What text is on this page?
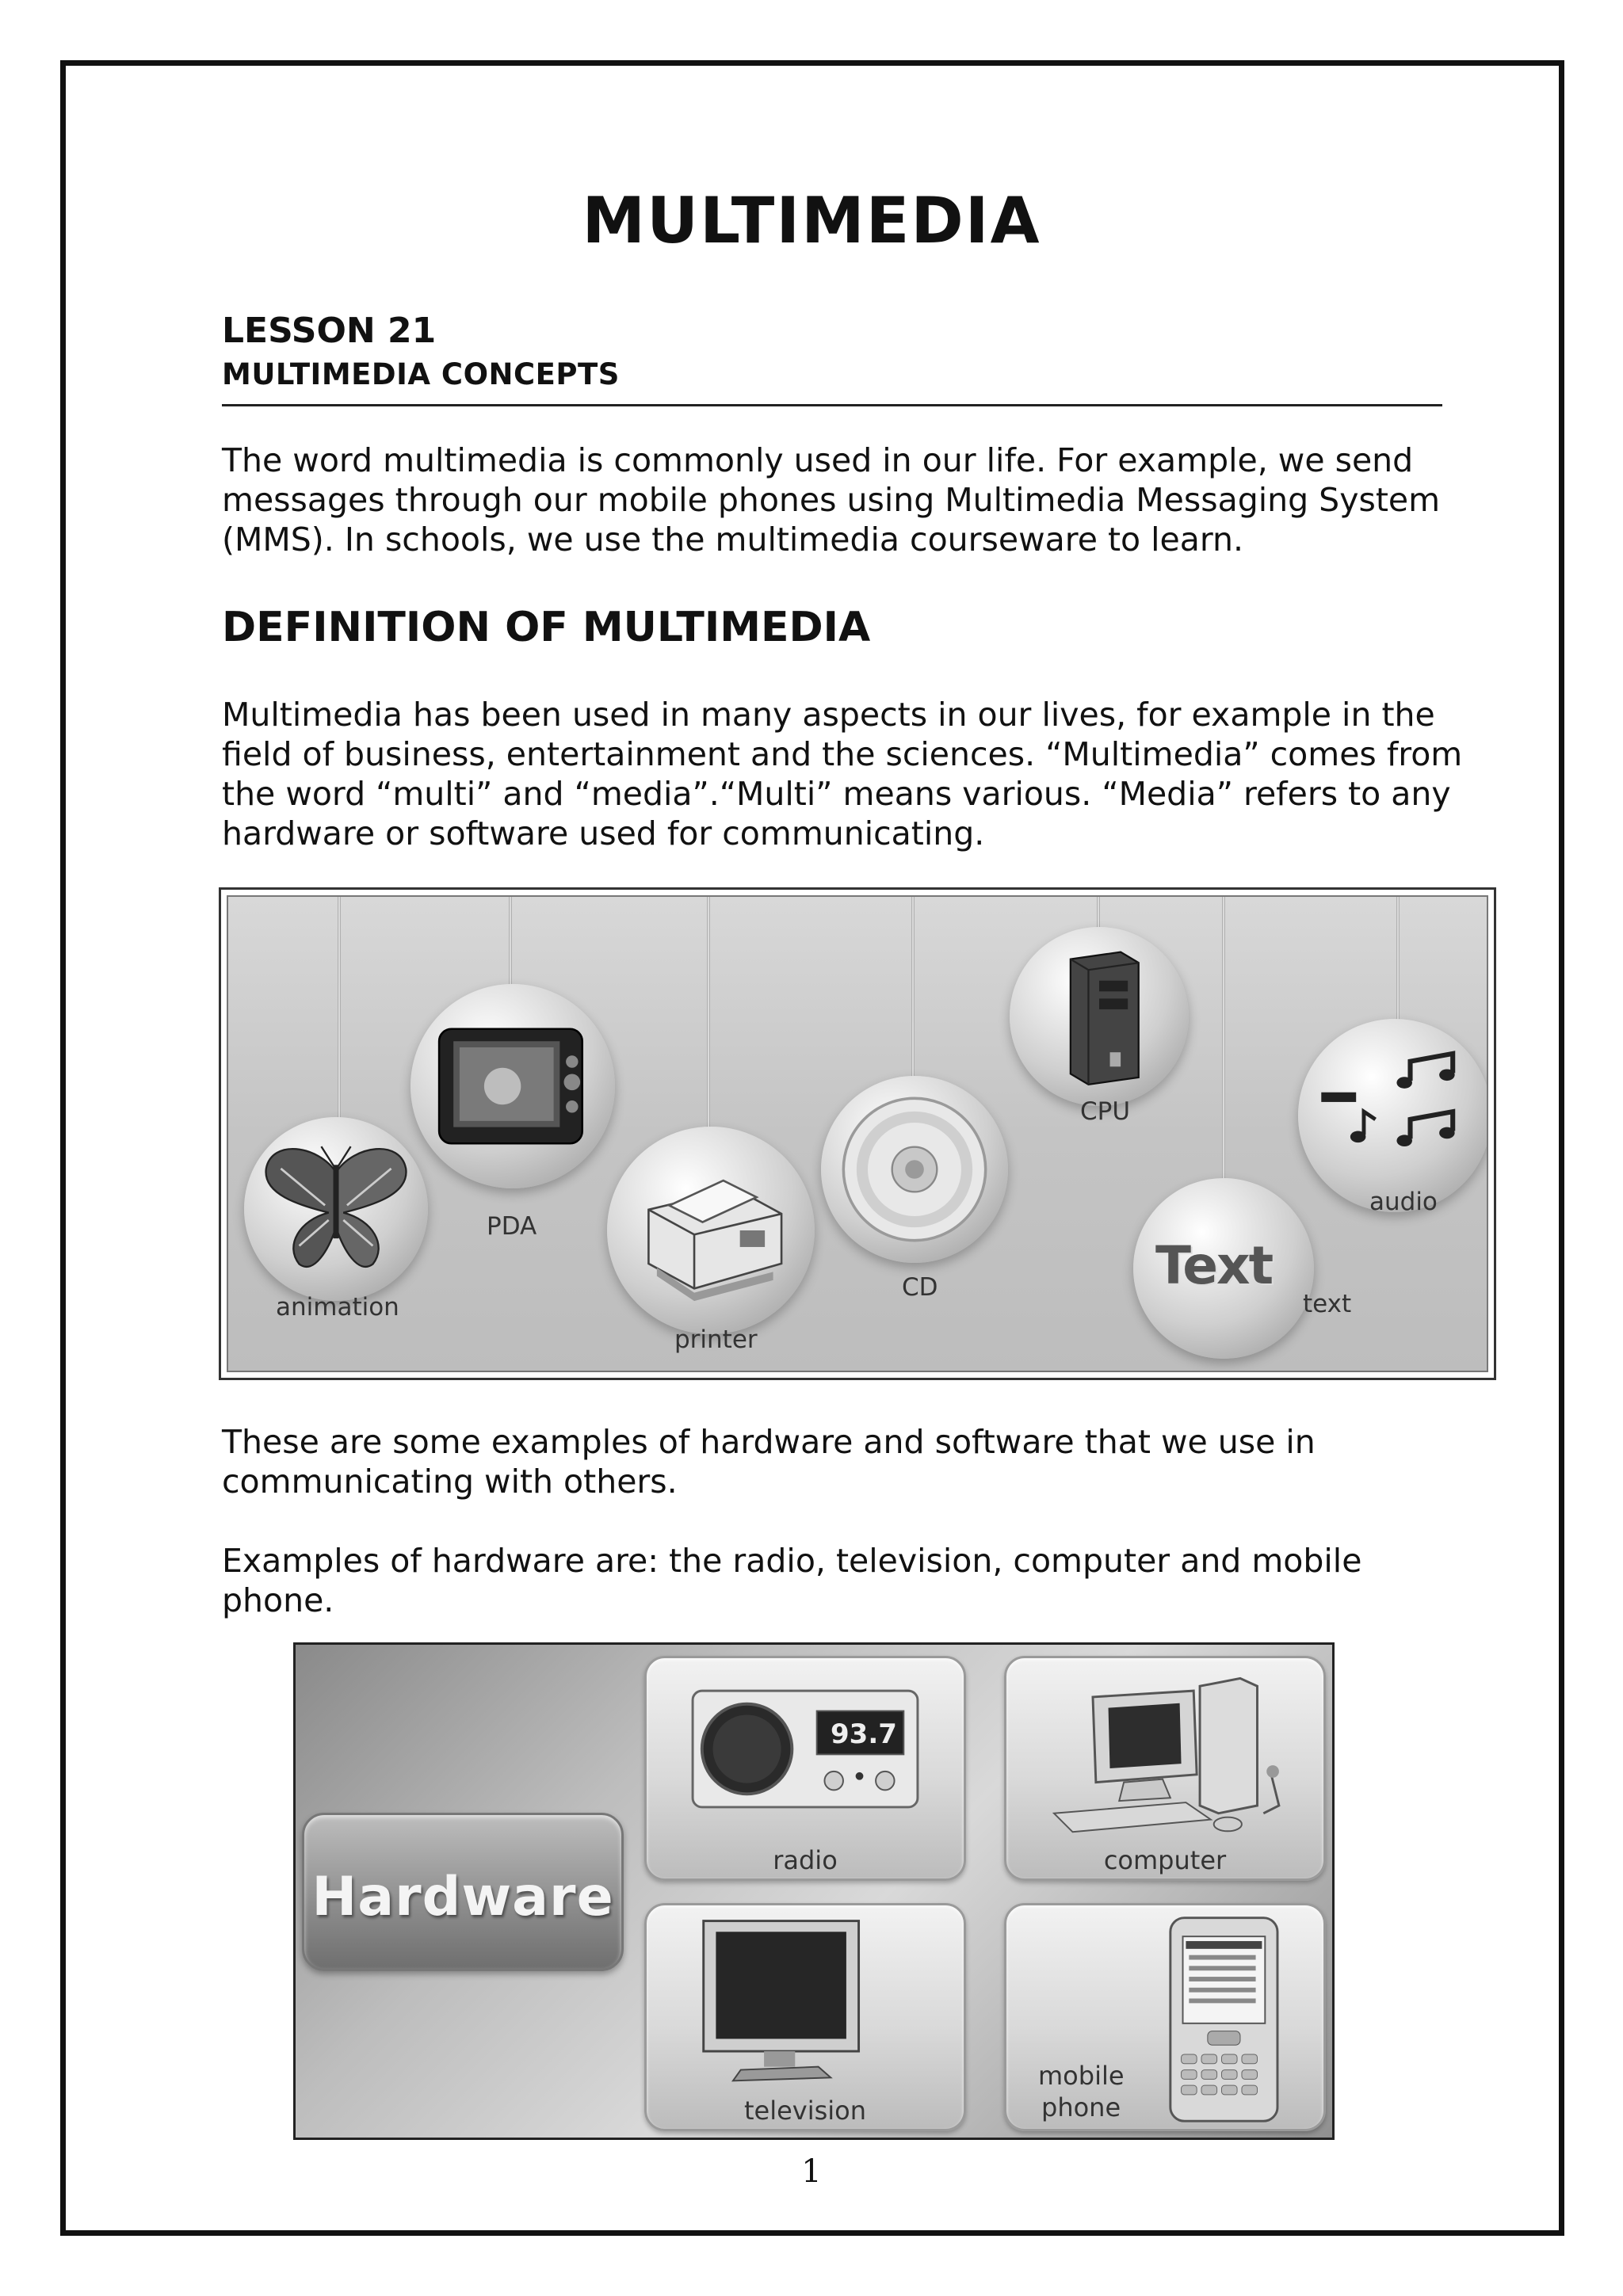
MULTIMEDIA
LESSON 21
MULTIMEDIA CONCEPTS
The word multimedia is commonly used in our life. For example, we send
messages through our mobile phones using Multimedia Messaging System
(MMS). In schools, we use the multimedia courseware to learn.
DEFINITION OF MULTIMEDIA
Multimedia has been used in many aspects in our lives, for example in the
field of business, entertainment and the sciences. “Multimedia” comes from
the word “multi” and “media”.“Multi” means various. “Media” refers to any
hardware or software used for communicating.
animation
PDA
printer
CD
CPU
Text
text
audio
These are some examples of hardware and software that we use in
communicating with others.
Examples of hardware are: the radio, television, computer and mobile
phone.
Hardware
93.7
radio	computer
television
mobile
phone
1
